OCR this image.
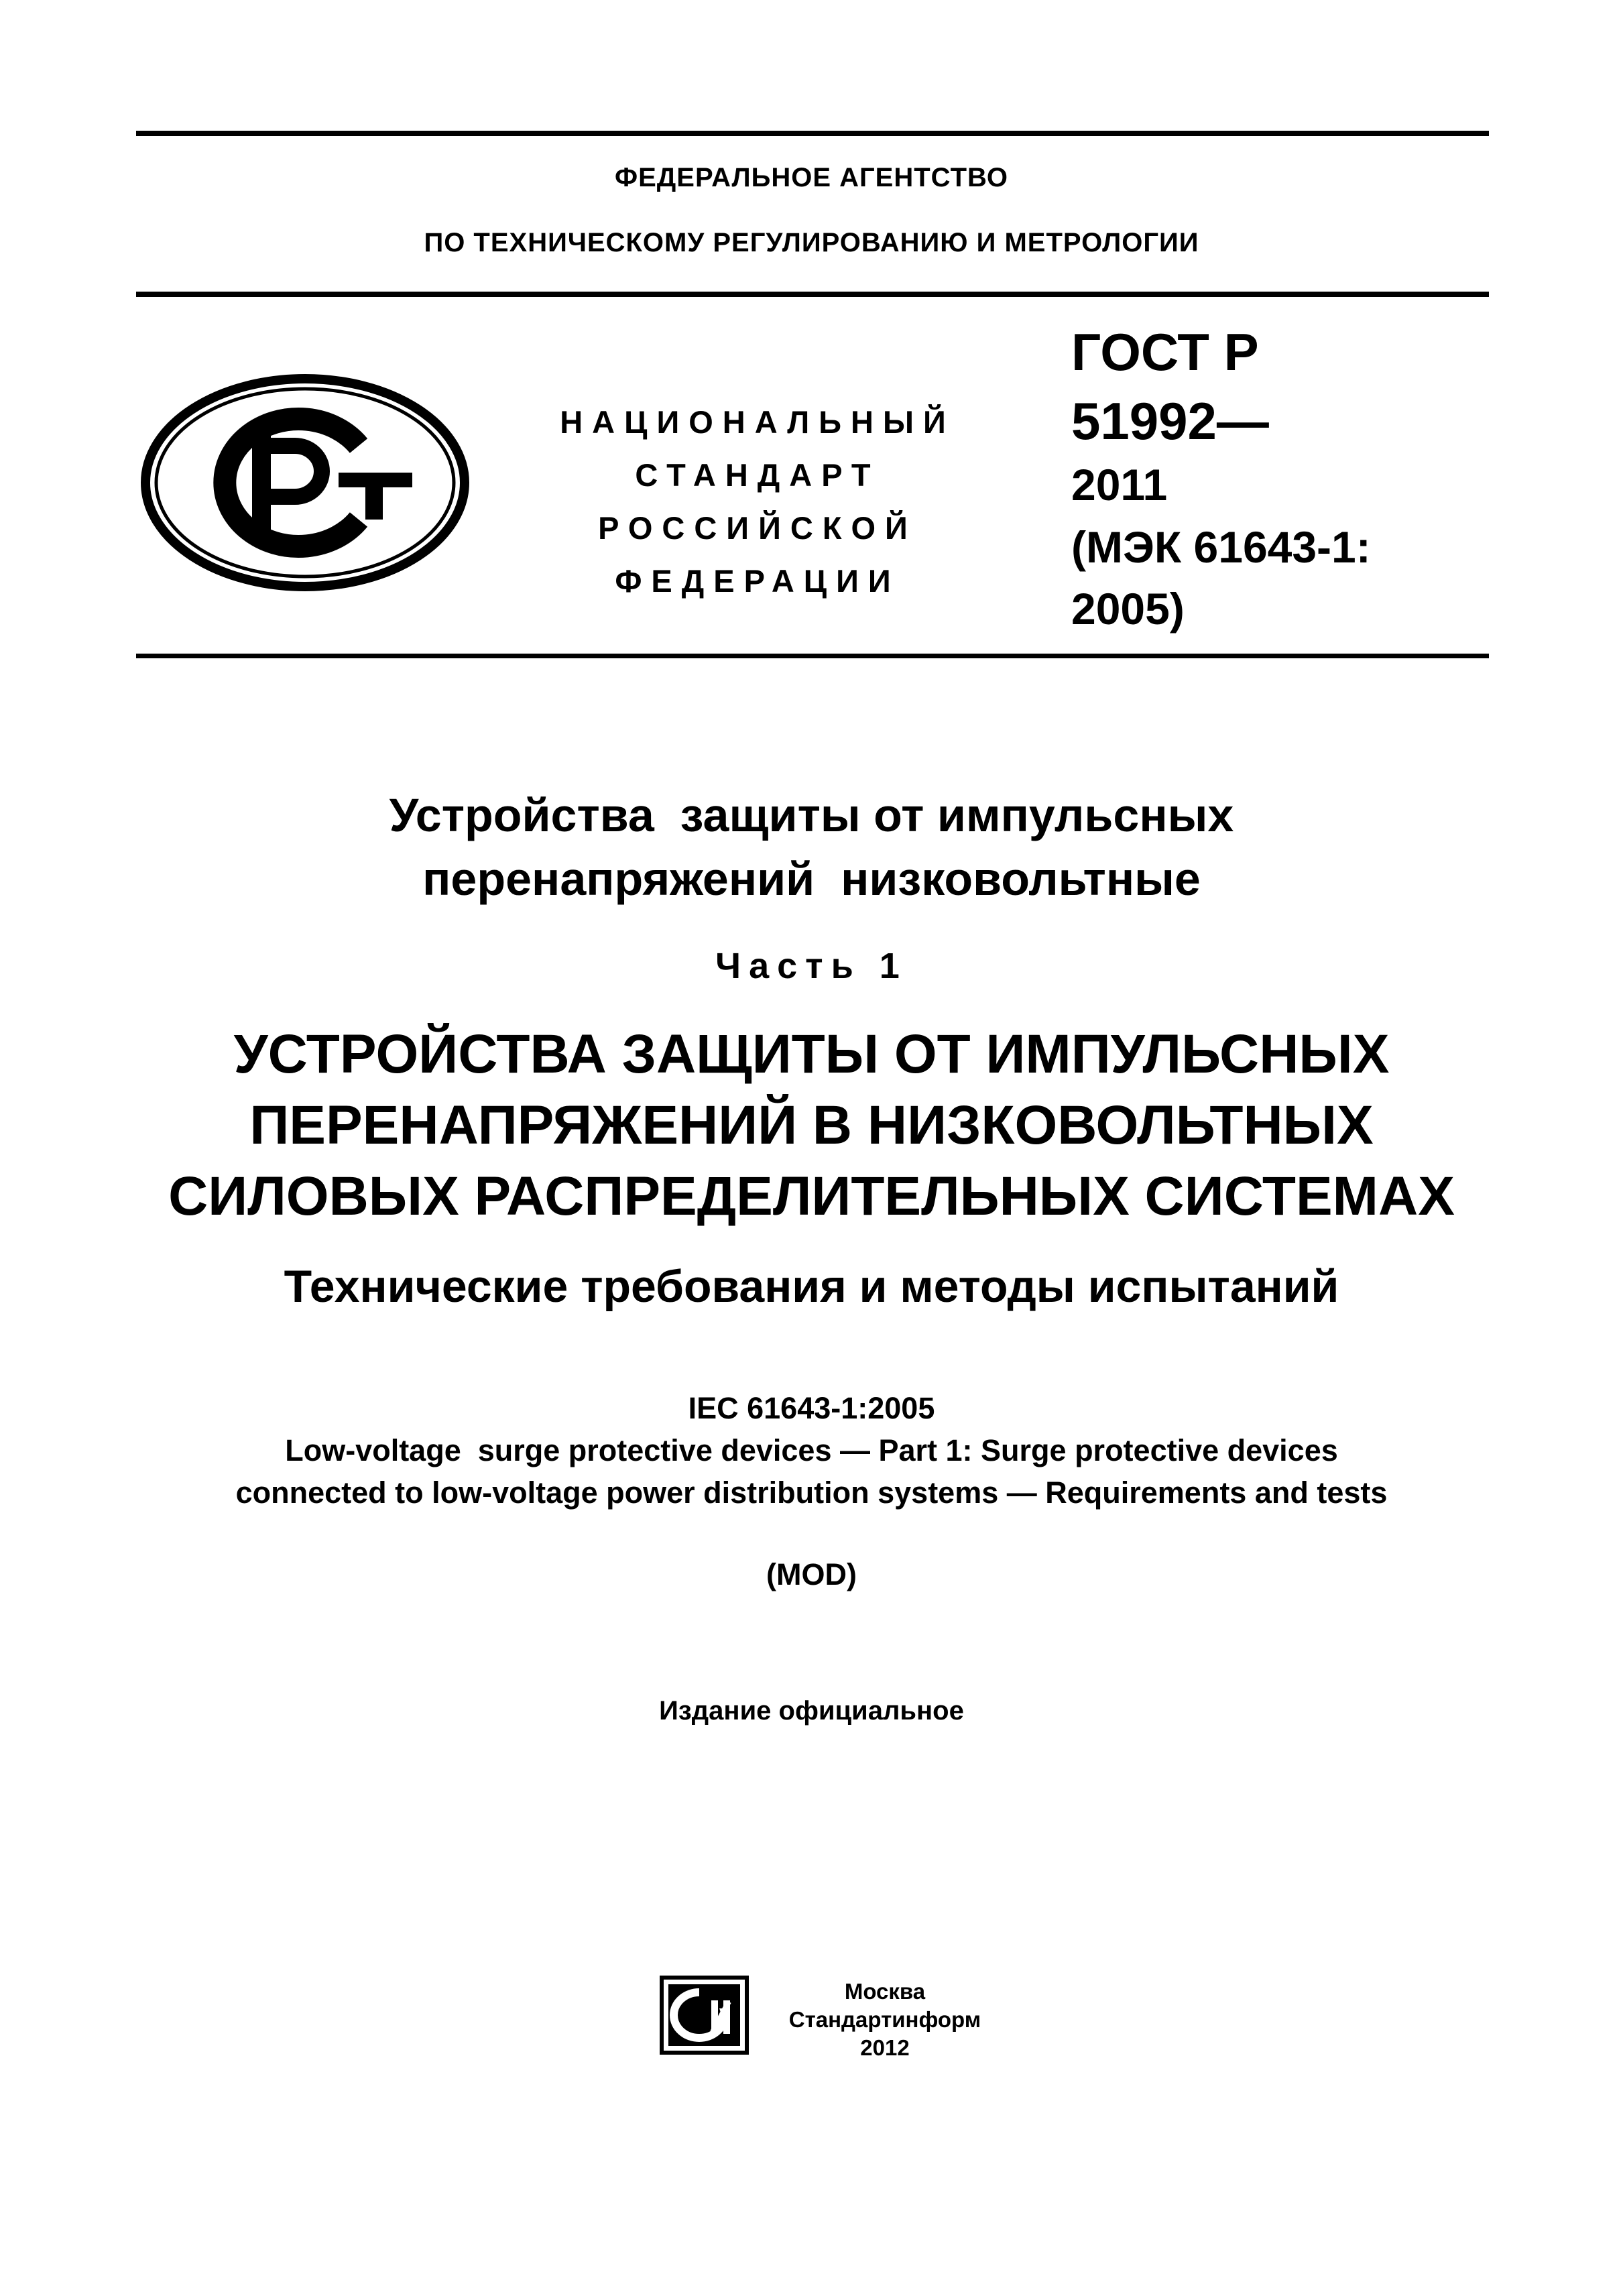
ФЕДЕРАЛЬНОЕ АГЕНТСТВО
ПО ТЕХНИЧЕСКОМУ РЕГУЛИРОВАНИЮ И МЕТРОЛОГИИ
НАЦИОНАЛЬНЫЙ
СТАНДАРТ
РОССИЙСКОЙ
ФЕДЕРАЦИИ
ГОСТ Р
51992—
2011
(МЭК 61643-1:
2005)
Устройства  защиты от импульсных
перенапряжений  низковольтные
Часть 1
УСТРОЙСТВА ЗАЩИТЫ ОТ ИМПУЛЬСНЫХ
ПЕРЕНАПРЯЖЕНИЙ В НИЗКОВОЛЬТНЫХ
СИЛОВЫХ РАСПРЕДЕЛИТЕЛЬНЫХ СИСТЕМАХ
Технические требования и методы испытаний
IEC 61643-1:2005
Low-voltage  surge protective devices — Part 1: Surge protective devices
connected to low-voltage power distribution systems — Requirements and tests
(MOD)
Издание официальное
Москва
Стандартинформ
2012
